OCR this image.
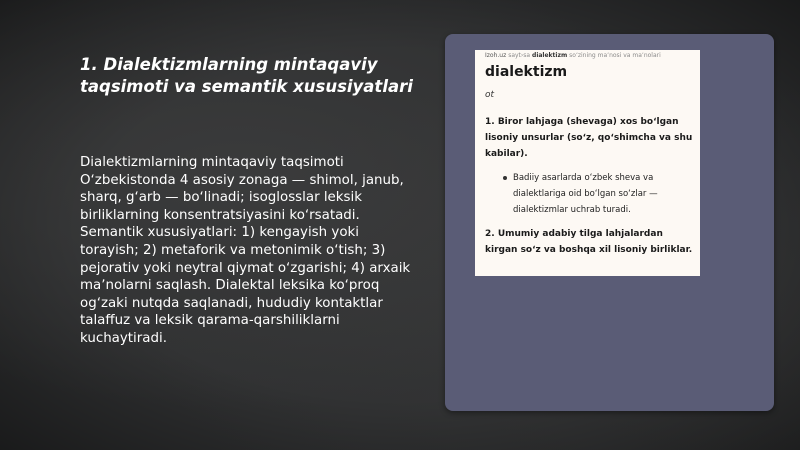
1. Dialektizmlarning mintaqaviy taqsimoti va semantik xususiyatlari

Dialektizmlarning mintaqaviy taqsimoti Oʻzbekistonda 4 asosiy zonaga — shimol, janub, sharq, gʻarb — boʻlinadi; isoglosslar leksik birliklarning konsentratsiyasini koʻrsatadi. Semantik xususiyatlari: 1) kengayish yoki torayish; 2) metaforik va metonimik oʻtish; 3) pejorativ yoki neytral qiymat oʻzgarishi; 4) arxaik maʼnolarni saqlash. Dialektal leksika koʻproq ogʻzaki nutqda saqlanadi, hududiy kontaktlar talaffuz va leksik qarama-qarshiliklarni kuchaytiradi.

Izoh.uz sayt›sa dialektizm soʻzining maʼnosi va maʼnolari
dialektizm
ot

1. Biror lahjaga (shevaga) xos boʻlgan lisoniy unsurlar (soʻz, qoʻshimcha va shu kabilar).

Badiiy asarlarda oʻzbek sheva va dialektlariga oid boʻlgan soʻzlar — dialektizmlar uchrab turadi.

2. Umumiy adabiy tilga lahjalardan kirgan soʻz va boshqa xil lisoniy birliklar.
